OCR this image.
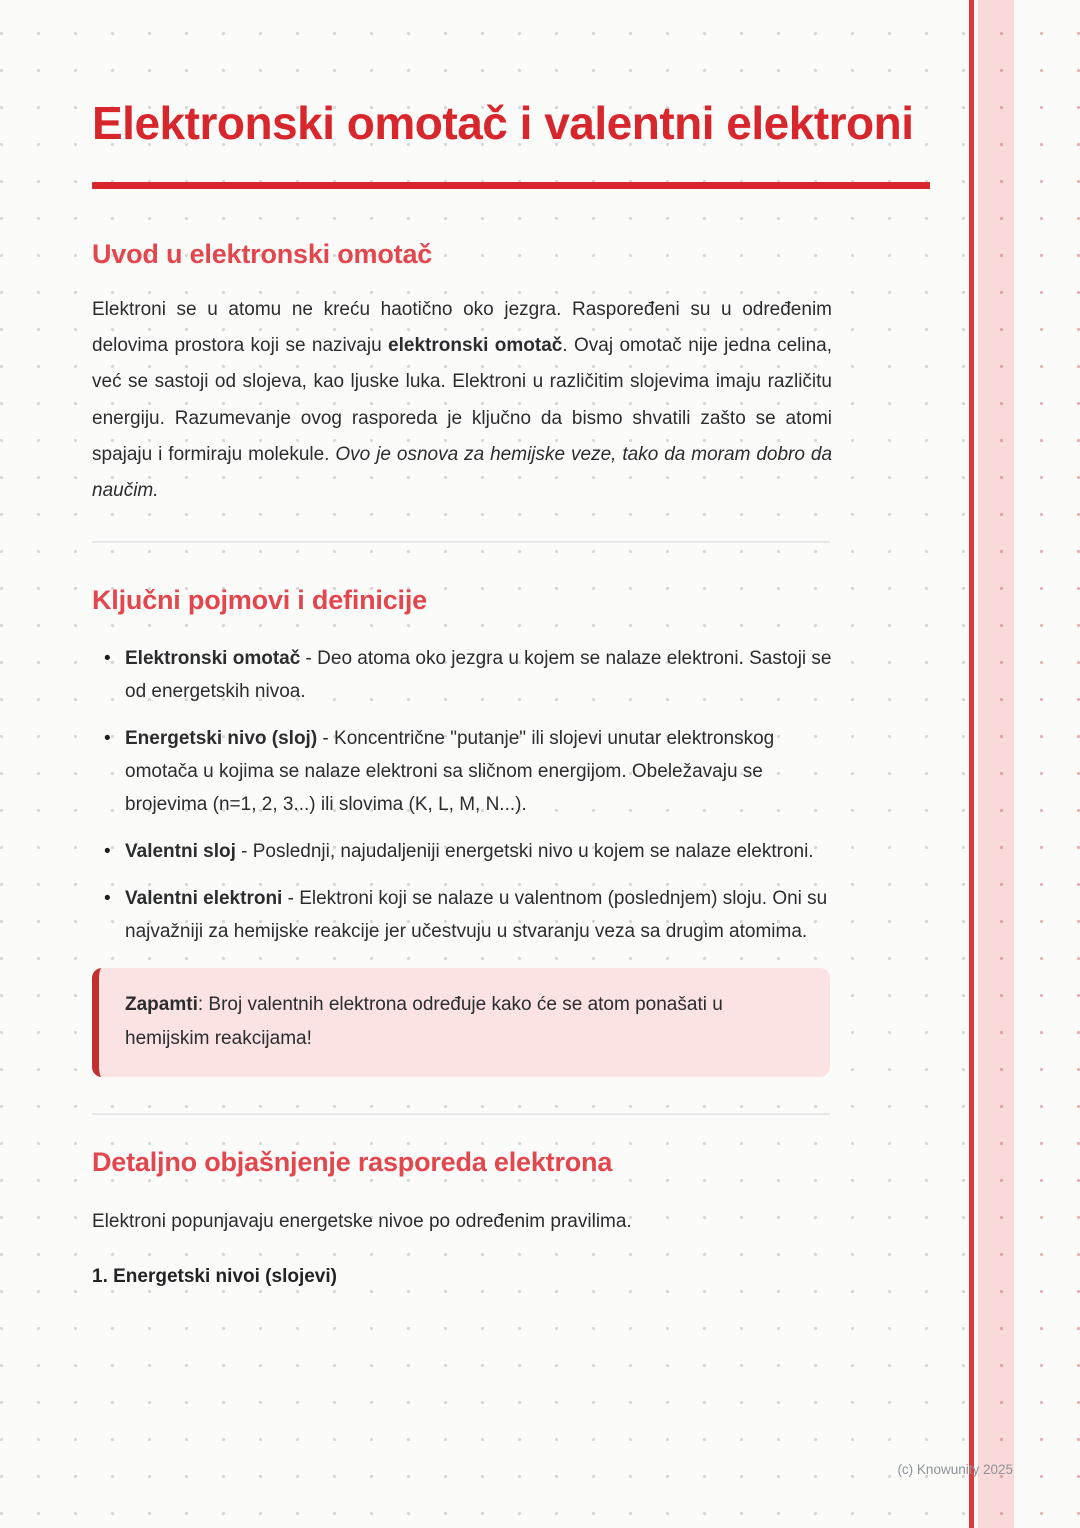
Elektronski omotač i valentni elektroni
Uvod u elektronski omotač

Elektroni se u atomu ne kreću haotično oko jezgra. Raspoređeni su u određenim delovima prostora koji se nazivaju elektronski omotač. Ovaj omotač nije jedna celina, već se sastoji od slojeva, kao ljuske luka. Elektroni u različitim slojevima imaju različitu energiju. Razumevanje ovog rasporeda je ključno da bismo shvatili zašto se atomi spajaju i formiraju molekule. Ovo je osnova za hemijske veze, tako da moram dobro da naučim.

Ključni pojmovi i definicije
• Elektronski omotač - Deo atoma oko jezgra u kojem se nalaze elektroni. Sastoji se od energetskih nivoa.
• Energetski nivo (sloj) - Koncentrične "putanje" ili slojevi unutar elektronskog omotača u kojima se nalaze elektroni sa sličnom energijom. Obeležavaju se brojevima (n=1, 2, 3...) ili slovima (K, L, M, N...).
• Valentni sloj - Poslednji, najudaljeniji energetski nivo u kojem se nalaze elektroni.
• Valentni elektroni - Elektroni koji se nalaze u valentnom (poslednjem) sloju. Oni su najvažniji za hemijske reakcije jer učestvuju u stvaranju veza sa drugim atomima.

Zapamti: Broj valentnih elektrona određuje kako će se atom ponašati u hemijskim reakcijama!

Detaljno objašnjenje rasporeda elektrona

Elektroni popunjavaju energetske nivoe po određenim pravilima.

1. Energetski nivoi (slojevi)

(c) Knowunity 2025
